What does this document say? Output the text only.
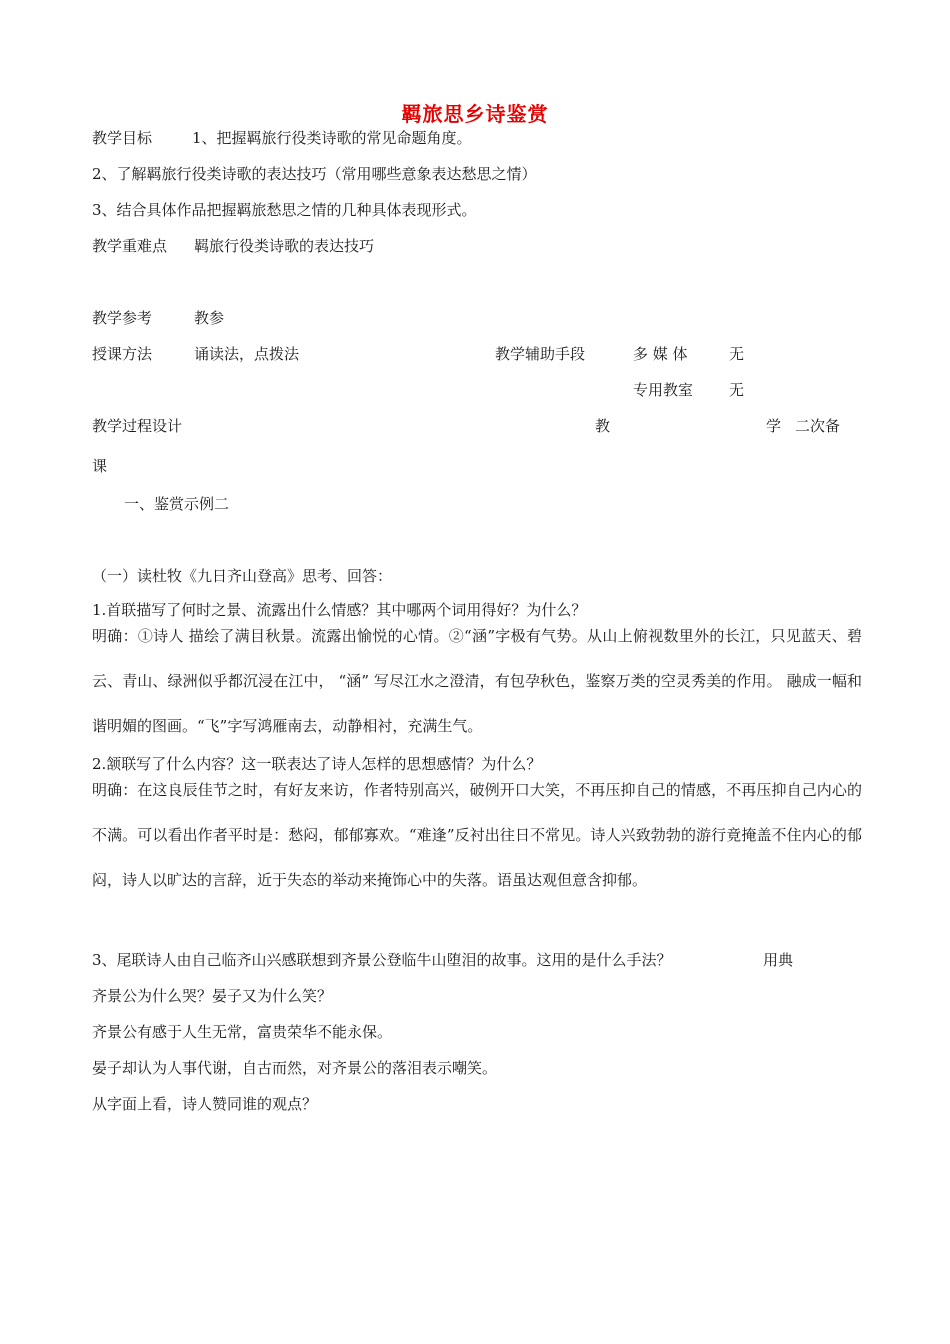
羁旅思乡诗鉴赏
教学目标	1、把握羁旅行役类诗歌的常见命题角度。
2、了解羁旅行役类诗歌的表达技巧（常用哪些意象表达愁思之情）
3、结合具体作品把握羁旅愁思之情的几种具体表现形式。
教学重难点 羁旅行役类诗歌的表达技巧
教学参考	教参
授课方法	诵读法，点拨法	教学辅助手段	多 媒 体	无
专用教室 无
教学过程设计	教	学 二次备
课
一、鉴赏示例二
（一）读杜牧《九日齐山登高》思考、回答：
1.首联描写了何时之景、流露出什么情感？其中哪两个词用得好？为什么？
明确：①诗人 描绘了满目秋景。流露出愉悦的心情。②“涵”字极有气势。从山上俯视数里外的长江，只见蓝天、碧云、青山、绿洲似乎都沉浸在江中， “涵” 写尽江水之澄清，有包孕秋色，鉴察万类的空灵秀美的作用。 融成一幅和谐明媚的图画。“飞”字写鸿雁南去，动静相衬，充满生气。
2.颔联写了什么内容？这一联表达了诗人怎样的思想感情？为什么？
明确：在这良辰佳节之时，有好友来访，作者特别高兴，破例开口大笑，不再压抑自己的情感，不再压抑自己内心的不满。可以看出作者平时是：愁闷，郁郁寡欢。“难逢”反衬出往日不常见。诗人兴致勃勃的游行竟掩盖不住内心的郁闷，诗人以旷达的言辞，近于失态的举动来掩饰心中的失落。语虽达观但意含抑郁。
3、尾联诗人由自己临齐山兴感联想到齐景公登临牛山堕泪的故事。这用的是什么手法？	用典
齐景公为什么哭？晏子又为什么笑？
齐景公有感于人生无常，富贵荣华不能永保。
晏子却认为人事代谢，自古而然，对齐景公的落泪表示嘲笑。
从字面上看，诗人赞同谁的观点？
